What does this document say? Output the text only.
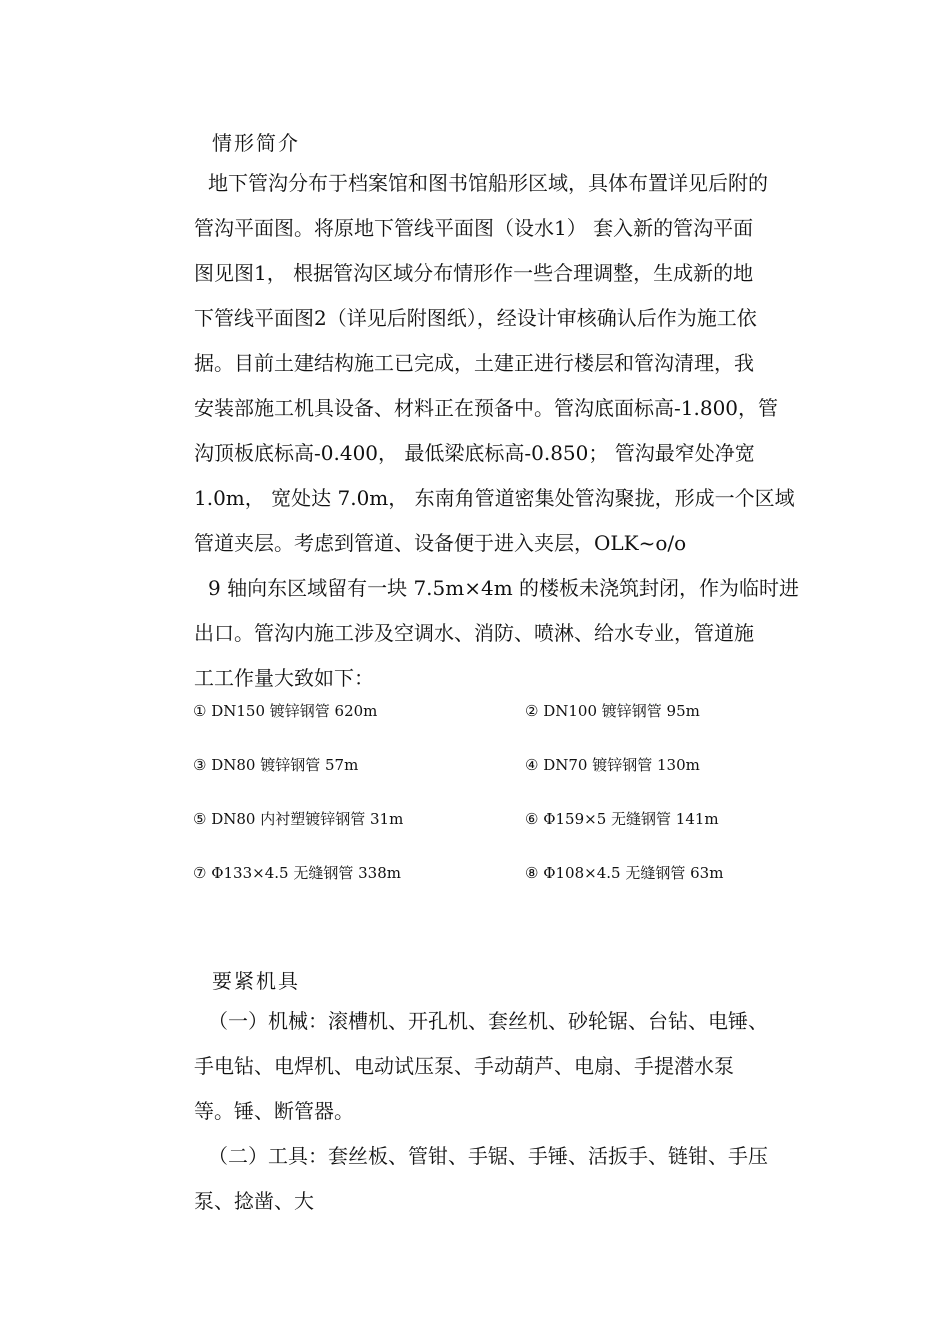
情形简介
地下管沟分布于档案馆和图书馆船形区域，具体布置详见后附的
管沟平面图。将原地下管线平面图（设水1） 套入新的管沟平面
图见图1， 根据管沟区域分布情形作一些合理调整，生成新的地
下管线平面图2（详见后附图纸），经设计审核确认后作为施工依
据。目前土建结构施工已完成，土建正进行楼层和管沟清理，我
安装部施工机具设备、材料正在预备中。管沟底面标高-1.800，管
沟顶板底标高-0.400， 最低梁底标高-0.850； 管沟最窄处净宽
1.0m， 宽处达 7.0m， 东南角管道密集处管沟聚拢，形成一个区域
管道夹层。考虑到管道、设备便于进入夹层，OLK~o/o
9 轴向东区域留有一块 7.5m×4m 的楼板未浇筑封闭，作为临时进
出口。管沟内施工涉及空调水、消防、喷淋、给水专业，管道施
工工作量大致如下：
① DN150 镀锌钢管 620m	② DN100 镀锌钢管 95m
③ DN80 镀锌钢管 57m	④ DN70 镀锌钢管 130m
⑤ DN80 内衬塑镀锌钢管 31m	⑥ Φ159×5 无缝钢管 141m
⑦ Φ133×4.5 无缝钢管 338m	⑧ Φ108×4.5 无缝钢管 63m
要紧机具
（一）机械：滚槽机、开孔机、套丝机、砂轮锯、台钻、电锤、
手电钻、电焊机、电动试压泵、手动葫芦、电扇、手提潜水泵
等。锤、断管器。
（二）工具：套丝板、管钳、手锯、手锤、活扳手、链钳、手压
泵、捻凿、大
